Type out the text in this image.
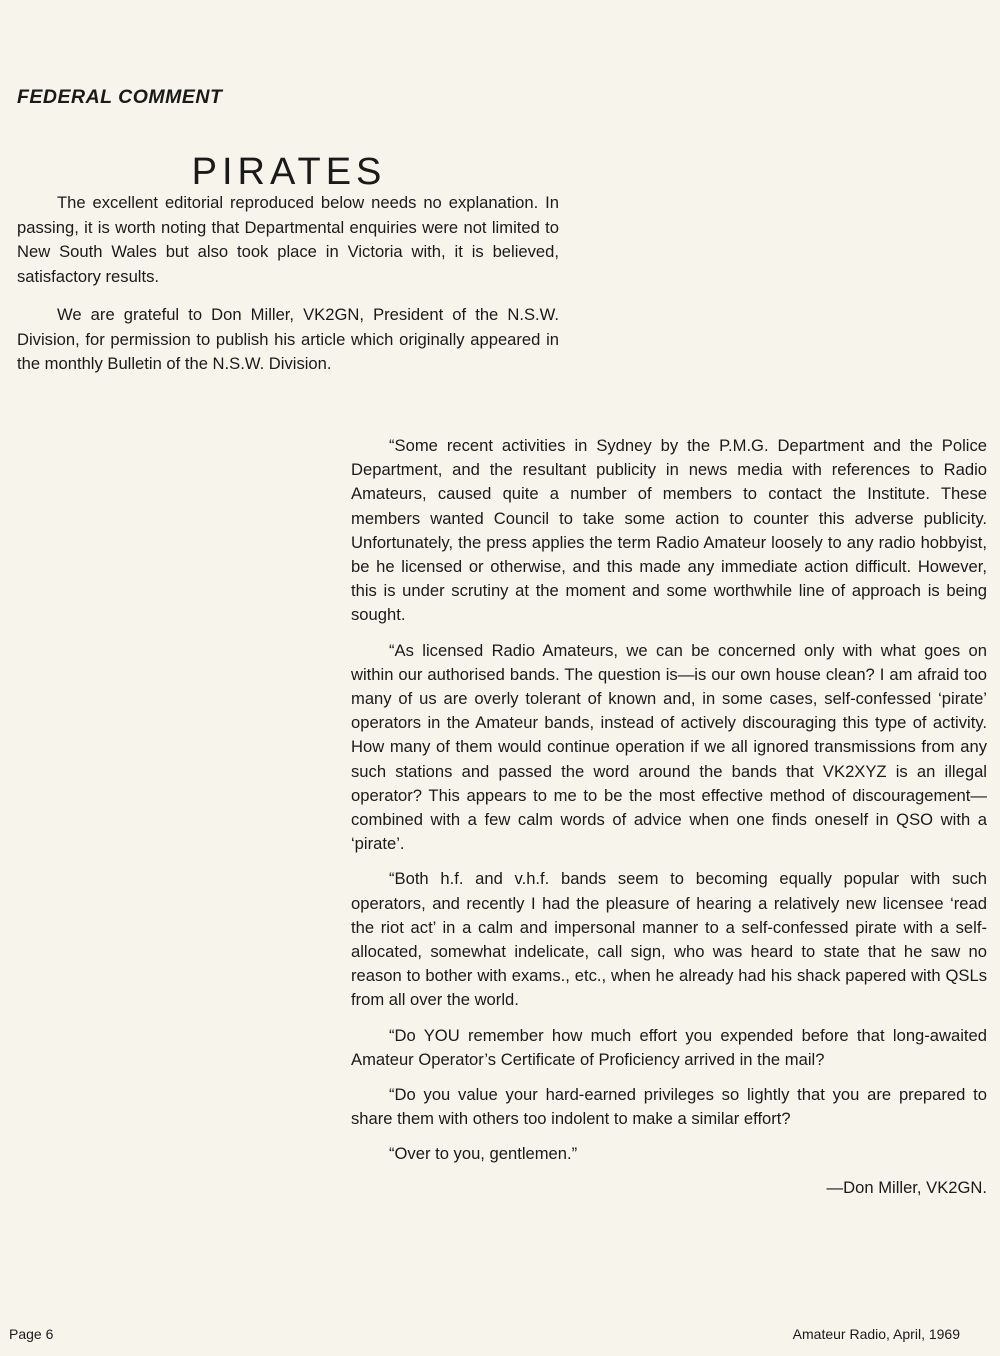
FEDERAL COMMENT
PIRATES

The excellent editorial reproduced below needs no explanation. In passing, it is worth noting that Departmental enquiries were not limited to New South Wales but also took place in Victoria with, it is believed, satisfactory results.

We are grateful to Don Miller, VK2GN, President of the N.S.W. Division, for permission to publish his article which originally appeared in the monthly Bulletin of the N.S.W. Division.

“Some recent activities in Sydney by the P.M.G. Department and the Police Department, and the resultant publicity in news media with references to Radio Amateurs, caused quite a number of members to contact the Institute. These members wanted Council to take some action to counter this adverse publicity. Unfortunately, the press applies the term Radio Amateur loosely to any radio hobbyist, be he licensed or otherwise, and this made any immediate action difficult. However, this is under scrutiny at the moment and some worthwhile line of approach is being sought.

“As licensed Radio Amateurs, we can be concerned only with what goes on within our authorised bands. The question is—is our own house clean? I am afraid too many of us are overly tolerant of known and, in some cases, self-confessed ‘pirate’ operators in the Amateur bands, instead of actively discouraging this type of activity. How many of them would continue operation if we all ignored transmissions from any such stations and passed the word around the bands that VK2XYZ is an illegal operator? This appears to me to be the most effective method of discouragement—combined with a few calm words of advice when one finds oneself in QSO with a ‘pirate’.

“Both h.f. and v.h.f. bands seem to becoming equally popular with such operators, and recently I had the pleasure of hearing a relatively new licensee ‘read the riot act’ in a calm and impersonal manner to a self-confessed pirate with a self-allocated, somewhat indelicate, call sign, who was heard to state that he saw no reason to bother with exams., etc., when he already had his shack papered with QSLs from all over the world.

“Do YOU remember how much effort you expended before that long-awaited Amateur Operator’s Certificate of Proficiency arrived in the mail?

“Do you value your hard-earned privileges so lightly that you are prepared to share them with others too indolent to make a similar effort?

“Over to you, gentlemen.”

—Don Miller, VK2GN.

Page 6	Amateur Radio, April, 1969
